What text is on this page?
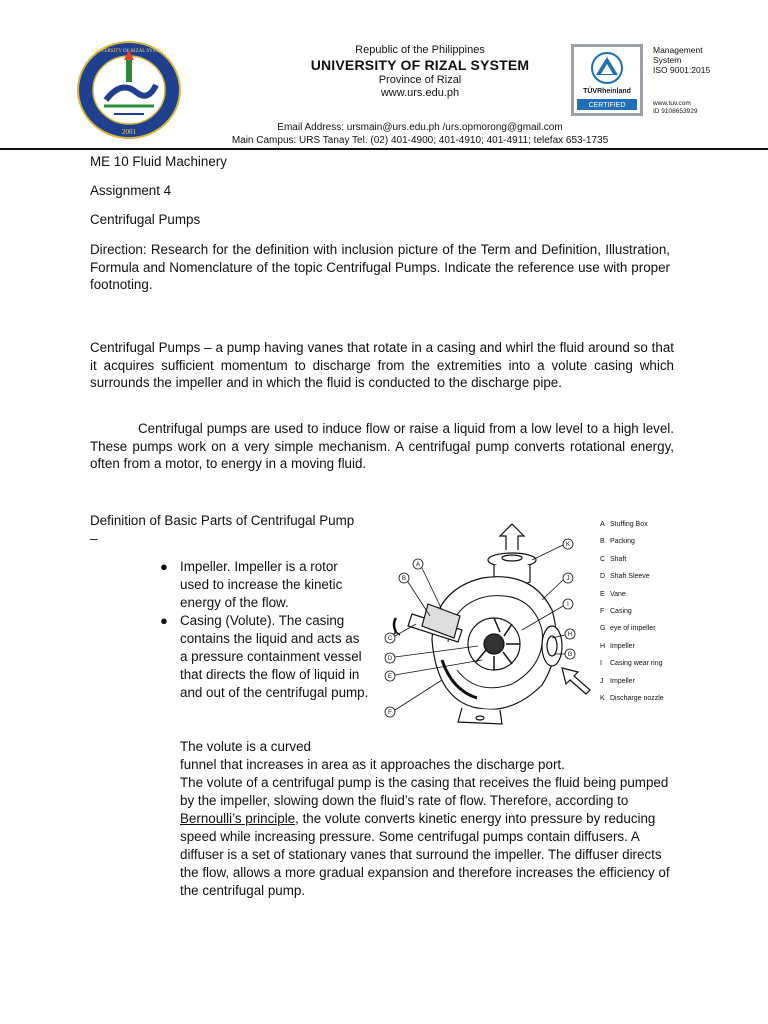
2001
UNIVERSITY OF RIZAL SYSTEM	Republic of the Philippines
UNIVERSITY OF RIZAL SYSTEM
Province of Rizal
www.urs.edu.ph
Email Address: ursmain@urs.edu.ph /urs.opmorong@gmail.com
Main Campus: URS Tanay Tel. (02) 401-4900; 401-4910; 401-4911; telefax 653-1735
TÜVRheinland
CERTIFIED
Management
System
ISO 9001:2015
www.tuv.com
ID 9108653929
ME 10 Fluid Machinery
Assignment 4
Centrifugal Pumps
Direction: Research for the definition with inclusion picture of the Term and Definition, Illustration, Formula and Nomenclature of the topic Centrifugal Pumps. Indicate the reference use with proper footnoting.
Centrifugal Pumps – a pump having vanes that rotate in a casing and whirl the fluid around so that it acquires sufficient momentum to discharge from the extremities into a volute casing which surrounds the impeller and in which the fluid is conducted to the discharge pipe.
Centrifugal pumps are used to induce flow or raise a liquid from a low level to a high level. These pumps work on a very simple mechanism. A centrifugal pump converts rotational energy, often from a motor, to energy in a moving fluid.
Definition of Basic Parts of Centrifugal Pump –
● Impeller. Impeller is a rotor used to increase the kinetic energy of the flow.
● Casing (Volute). The casing contains the liquid and acts as a pressure containment vessel that directs the flow of liquid in and out of the centrifugal pump.
The volute is a curved
funnel that increases in area as it approaches the discharge port.
The volute of a centrifugal pump is the casing that receives the fluid being pumped by the impeller, slowing down the fluid’s rate of flow. Therefore, according to Bernoulli’s principle, the volute converts kinetic energy into pressure by reducing speed while increasing pressure. Some centrifugal pumps contain diffusers. A diffuser is a set of stationary vanes that surround the impeller. The diffuser directs the flow, allows a more gradual expansion and therefore increases the efficiency of the centrifugal pump.
K
J
I
H
G
A
B
C
D
E
F
A Stuffing Box
B Packing
C Shaft
D Shaft Sleeve
E Vane
F Casing
G eye of impeller
H Impeller
I Casing wear ring
J Impeller
K Discharge nozzle
